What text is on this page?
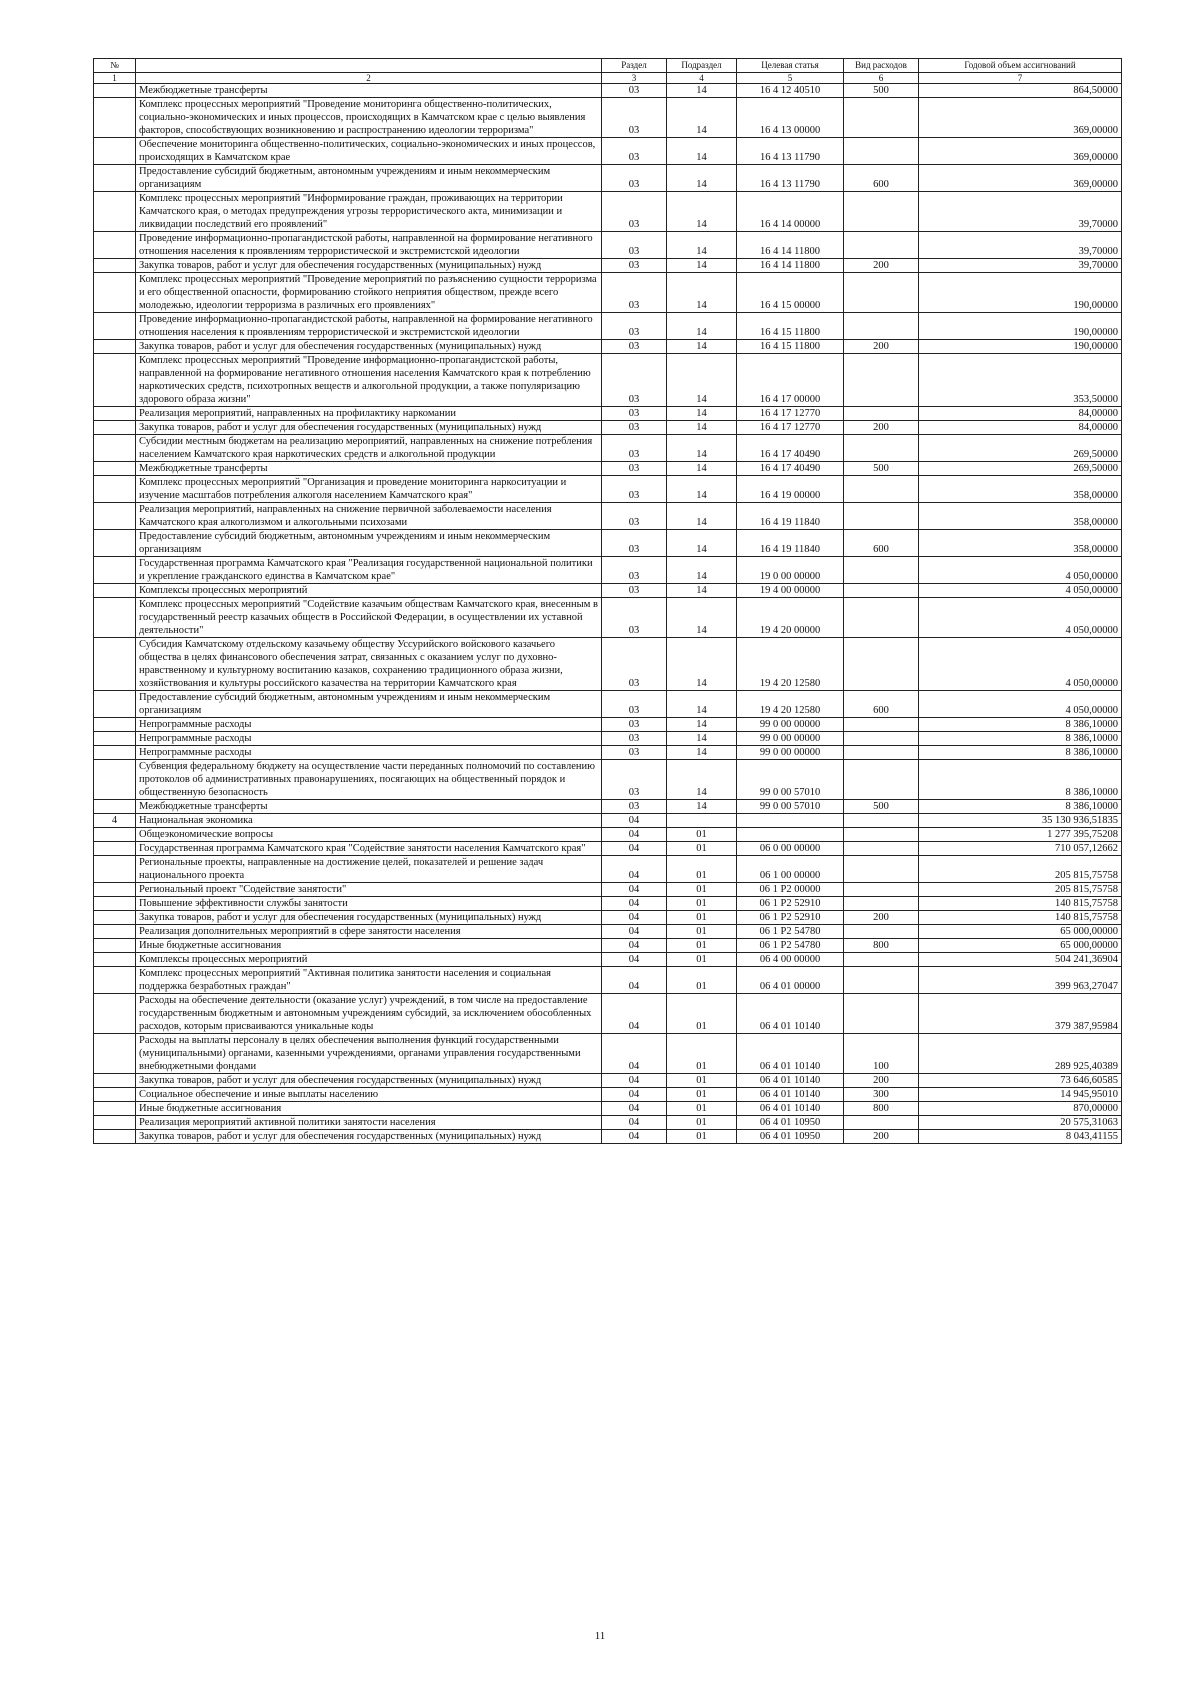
№		Раздел	Подраздел	Целевая статья	Вид расходов	Годовой объем ассигнований
1	2	3	4	5	6	7
	Межбюджетные трансферты	03	14	16 4 12 40510	500	864,50000
	Комплекс процессных мероприятий "Проведение мониторинга общественно-политических, социально-экономических и иных процессов, происходящих в Камчатском крае с целью выявления факторов, способствующих возникновению и распространению идеологии терроризма"	03	14	16 4 13 00000		369,00000
	Обеспечение мониторинга общественно-политических, социально-экономических и иных процессов, происходящих в Камчатском крае	03	14	16 4 13 11790		369,00000
	Предоставление субсидий бюджетным, автономным учреждениям и иным некоммерческим организациям	03	14	16 4 13 11790	600	369,00000
	Комплекс процессных мероприятий "Информирование граждан, проживающих на территории Камчатского края, о методах предупреждения угрозы террористического акта, минимизации и ликвидации последствий его проявлений"	03	14	16 4 14 00000		39,70000
	Проведение информационно-пропагандистской работы, направленной на формирование негативного отношения населения к проявлениям террористической и экстремистской идеологии	03	14	16 4 14 11800		39,70000
	Закупка товаров, работ и услуг для обеспечения государственных (муниципальных) нужд	03	14	16 4 14 11800	200	39,70000
	Комплекс процессных мероприятий "Проведение мероприятий по разъяснению сущности терроризма и его общественной опасности, формированию стойкого неприятия обществом, прежде всего молодежью, идеологии терроризма в различных его проявлениях"	03	14	16 4 15 00000		190,00000
	Проведение информационно-пропагандистской работы, направленной на формирование негативного отношения населения к проявлениям террористической и экстремистской идеологии	03	14	16 4 15 11800		190,00000
	Закупка товаров, работ и услуг для обеспечения государственных (муниципальных) нужд	03	14	16 4 15 11800	200	190,00000
	Комплекс процессных мероприятий "Проведение информационно-пропагандистской работы, направленной на формирование негативного отношения населения Камчатского края к потреблению наркотических средств, психотропных веществ и алкогольной продукции, а также популяризацию здорового образа жизни"	03	14	16 4 17 00000		353,50000
	Реализация мероприятий, направленных на профилактику наркомании	03	14	16 4 17 12770		84,00000
	Закупка товаров, работ и услуг для обеспечения государственных (муниципальных) нужд	03	14	16 4 17 12770	200	84,00000
	Субсидии местным бюджетам на реализацию мероприятий, направленных на снижение потребления населением Камчатского края наркотических средств и алкогольной продукции	03	14	16 4 17 40490		269,50000
	Межбюджетные трансферты	03	14	16 4 17 40490	500	269,50000
	Комплекс процессных мероприятий "Организация и проведение мониторинга наркоситуации и изучение масштабов потребления алкоголя населением Камчатского края"	03	14	16 4 19 00000		358,00000
	Реализация мероприятий, направленных на снижение первичной заболеваемости населения Камчатского края алкоголизмом и алкогольными психозами	03	14	16 4 19 11840		358,00000
	Предоставление субсидий бюджетным, автономным учреждениям и иным некоммерческим организациям	03	14	16 4 19 11840	600	358,00000
	Государственная программа Камчатского края "Реализация государственной национальной политики и укрепление гражданского единства в Камчатском крае"	03	14	19 0 00 00000		4 050,00000
	Комплексы процессных мероприятий	03	14	19 4 00 00000		4 050,00000
	Комплекс процессных мероприятий "Содействие казачьим обществам Камчатского края, внесенным в государственный реестр казачьих обществ в Российской Федерации, в осуществлении их уставной деятельности"	03	14	19 4 20 00000		4 050,00000
	Субсидия Камчатскому отдельскому казачьему обществу Уссурийского войскового казачьего общества в целях финансового обеспечения затрат, связанных с оказанием услуг по духовно-нравственному и культурному воспитанию казаков, сохранению традиционного образа жизни, хозяйствования и культуры российского казачества на территории Камчатского края	03	14	19 4 20 12580		4 050,00000
	Предоставление субсидий бюджетным, автономным учреждениям и иным некоммерческим организациям	03	14	19 4 20 12580	600	4 050,00000
	Непрограммные расходы	03	14	99 0 00 00000		8 386,10000
	Непрограммные расходы	03	14	99 0 00 00000		8 386,10000
	Непрограммные расходы	03	14	99 0 00 00000		8 386,10000
	Субвенция федеральному бюджету на осуществление части переданных полномочий по составлению протоколов об административных правонарушениях, посягающих на общественный порядок и общественную безопасность	03	14	99 0 00 57010		8 386,10000
	Межбюджетные трансферты	03	14	99 0 00 57010	500	8 386,10000
4	Национальная экономика	04				35 130 936,51835
	Общеэкономические вопросы	04	01			1 277 395,75208
	Государственная программа Камчатского края "Содействие занятости населения Камчатского края"	04	01	06 0 00 00000		710 057,12662
	Региональные проекты, направленные на достижение целей, показателей и решение задач национального проекта	04	01	06 1 00 00000		205 815,75758
	Региональный проект "Содействие занятости"	04	01	06 1 P2 00000		205 815,75758
	Повышение эффективности службы занятости	04	01	06 1 P2 52910		140 815,75758
	Закупка товаров, работ и услуг для обеспечения государственных (муниципальных) нужд	04	01	06 1 P2 52910	200	140 815,75758
	Реализация дополнительных мероприятий в сфере занятости населения	04	01	06 1 P2 54780		65 000,00000
	Иные бюджетные ассигнования	04	01	06 1 P2 54780	800	65 000,00000
	Комплексы процессных мероприятий	04	01	06 4 00 00000		504 241,36904
	Комплекс процессных мероприятий "Активная политика занятости населения и социальная поддержка безработных граждан"	04	01	06 4 01 00000		399 963,27047
	Расходы на обеспечение деятельности (оказание услуг) учреждений, в том числе на предоставление государственным бюджетным и автономным учреждениям субсидий, за исключением обособленных расходов, которым присваиваются уникальные коды	04	01	06 4 01 10140		379 387,95984
	Расходы на выплаты персоналу в целях обеспечения выполнения функций государственными (муниципальными) органами, казенными учреждениями, органами управления государственными внебюджетными фондами	04	01	06 4 01 10140	100	289 925,40389
	Закупка товаров, работ и услуг для обеспечения государственных (муниципальных) нужд	04	01	06 4 01 10140	200	73 646,60585
	Социальное обеспечение и иные выплаты населению	04	01	06 4 01 10140	300	14 945,95010
	Иные бюджетные ассигнования	04	01	06 4 01 10140	800	870,00000
	Реализация мероприятий активной политики занятости населения	04	01	06 4 01 10950		20 575,31063
	Закупка товаров, работ и услуг для обеспечения государственных (муниципальных) нужд	04	01	06 4 01 10950	200	8 043,41155
11
